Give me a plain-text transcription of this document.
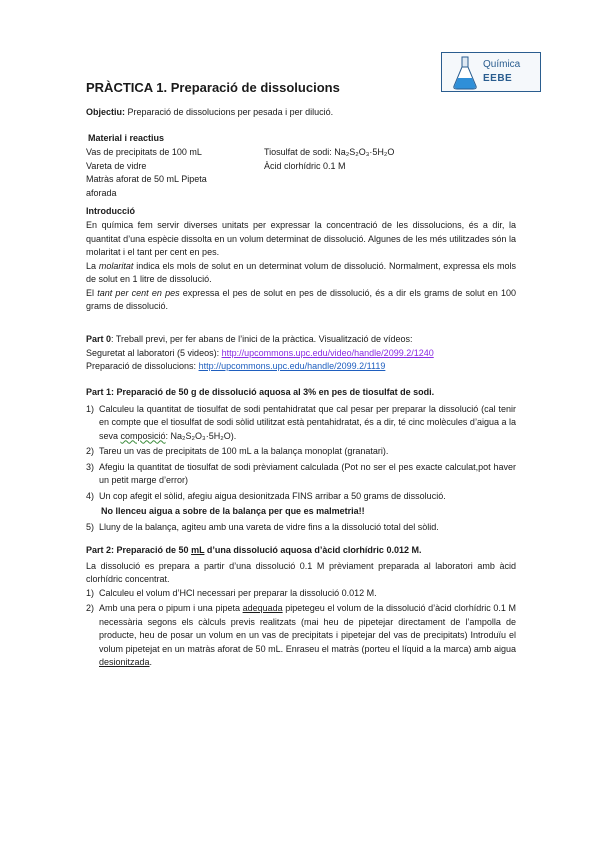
Química
EEBE
PRÀCTICA 1. Preparació de dissolucions
Objectiu: Preparació de dissolucions per pesada i per dilució.
Material i reactius
Vas de precipitats de 100 mL
Vareta de vidre
Matràs aforat de 50 mL Pipeta
aforada
Tiosulfat de sodi: Na₂S₂O₃·5H₂O
Àcid clorhídric 0.1 M
Introducció

En química fem servir diverses unitats per expressar la concentració de les dissolucions, és a dir, la quantitat d’una espècie dissolta en un volum determinat de dissolució. Algunes de les més utilitzades són la molaritat i el tant per cent en pes.

La molaritat indica els mols de solut en un determinat volum de dissolució. Normalment, expressa els mols de solut en 1 litre de dissolució.

El tant per cent en pes expressa el pes de solut en pes de dissolució, és a dir els grams de solut en 100 grams de dissolució.

Part 0: Treball previ, per fer abans de l’inici de la pràctica. Visualització de vídeos:

Seguretat al laboratori (5 videos): http://upcommons.upc.edu/video/handle/2099.2/1240

Preparació de dissolucions: http://upcommons.upc.edu/handle/2099.2/1119

Part 1: Preparació de 50 g de dissolució aquosa al 3% en pes de tiosulfat de sodi.
1) Calculeu la quantitat de tiosulfat de sodi pentahidratat que cal pesar per preparar la dissolució (cal tenir en compte que el tiosulfat de sodi sòlid utilitzat està pentahidratat, és a dir, té cinc molècules d’aigua a la seva composició: Na₂S₂O₃·5H₂O).
2) Tareu un vas de precipitats de 100 mL a la balança monoplat (granatari).
3) Afegiu la quantitat de tiosulfat de sodi prèviament calculada (Pot no ser el pes exacte calculat,pot haver un petit marge d’error)
4) Un cop afegit el sòlid, afegiu aigua desionitzada FINS arribar a 50 grams de dissolució.
No llenceu aigua a sobre de la balança per que es malmetria!!
5) Lluny de la balança, agiteu amb una vareta de vidre fins a la dissolució total del sòlid.
Part 2: Preparació de 50 mL d’una dissolució aquosa d’àcid clorhídric 0.012 M.

La dissolució es prepara a partir d’una dissolució 0.1 M prèviament preparada al laboratori amb àcid clorhídric concentrat.

1) Calculeu el volum d’HCl necessari per preparar la dissolució 0.012 M.
2) Amb una pera o pipum i una pipeta adequada pipetegeu el volum de la dissolució d’àcid clorhídric 0.1 M necessària segons els càlculs previs realitzats (mai heu de pipetejar directament de l’ampolla de producte, heu de posar un volum en un vas de precipitats i pipetejar del vas de precipitats) Introduïu el volum pipetejat en un matràs aforat de 50 mL. Enraseu el matràs (porteu el líquid a la marca) amb aigua desionitzada.
